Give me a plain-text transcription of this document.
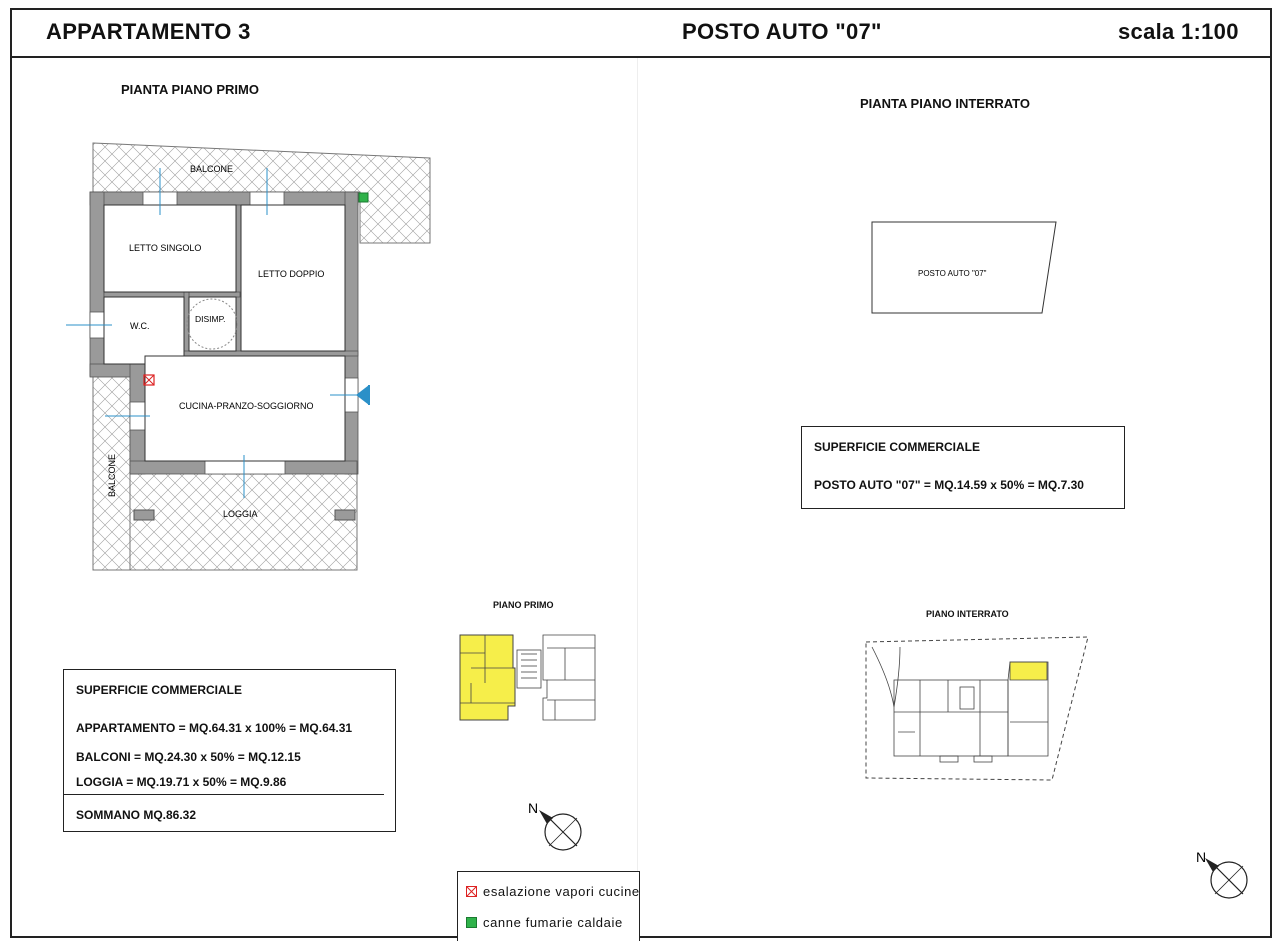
APPARTAMENTO 3	POSTO AUTO "07"	scala 1:100
PIANTA PIANO PRIMO
PIANTA PIANO INTERRATO
BALCONE
LETTO SINGOLO
LETTO DOPPIO
W.C.
DISIMP.
CUCINA-PRANZO-SOGGIORNO
BALCONE
LOGGIA
POSTO AUTO "07"
SUPERFICIE COMMERCIALE
POSTO AUTO "07" = MQ.14.59 x 50% = MQ.7.30
SUPERFICIE COMMERCIALE
APPARTAMENTO = MQ.64.31 x 100% = MQ.64.31
BALCONI = MQ.24.30 x 50% = MQ.12.15
LOGGIA = MQ.19.71 x 50% = MQ.9.86
SOMMANO MQ.86.32
PIANO PRIMO
PIANO INTERRATO
N
N
esalazione vapori cucine
canne fumarie caldaie
